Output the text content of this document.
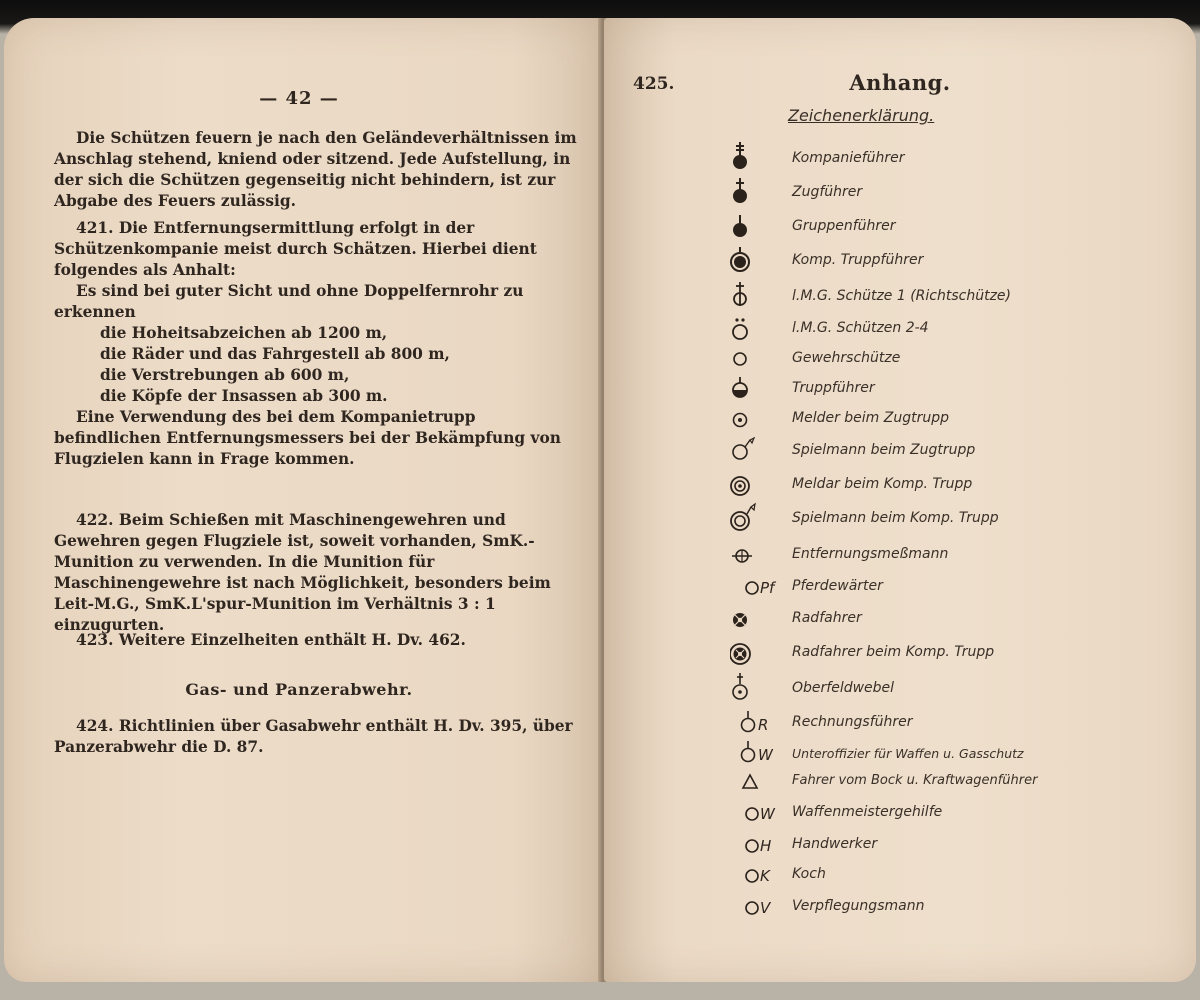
— 42 —

Die Schützen feuern je nach den Geländeverhältnissen im Anschlag stehend, kniend oder sitzend. Jede Aufstellung, in der sich die Schützen gegenseitig nicht behindern, ist zur Abgabe des Feuers zulässig.

421. Die Entfernungsermittlung erfolgt in der Schützenkompanie meist durch Schätzen. Hierbei dient folgendes als Anhalt:

Es sind bei guter Sicht und ohne Doppelfernrohr zu erkennen

die Hoheitsabzeichen ab 1200 m,

die Räder und das Fahrgestell ab 800 m,

die Verstrebungen ab 600 m,

die Köpfe der Insassen ab 300 m.

Eine Verwendung des bei dem Kompanietrupp befindlichen Entfernungsmessers bei der Bekämpfung von Flugzielen kann in Frage kommen.

422. Beim Schießen mit Maschinengewehren und Gewehren gegen Flugziele ist, soweit vorhanden, SmK.-Munition zu verwenden. In die Munition für Maschinengewehre ist nach Möglichkeit, besonders beim Leit-M.G., SmK.L'spur-Munition im Verhältnis 3 : 1 einzugurten.

423. Weitere Einzelheiten enthält H. Dv. 462.

Gas- und Panzerabwehr.

424. Richtlinien über Gasabwehr enthält H. Dv. 395, über Panzerabwehr die D. 87.

425.	Anhang.
Zeichenerklärung.
Kompanieführer
Zugführer
Gruppenführer
Komp. Truppführer
l.M.G. Schütze 1 (Richtschütze)
l.M.G. Schützen 2-4
Gewehrschütze
Truppführer
Melder beim Zugtrupp
Spielmann beim Zugtrupp
Meldar beim Komp. Trupp
Spielmann beim Komp. Trupp
Entfernungsmeßmann
Pf Pferdewärter
Radfahrer
Radfahrer beim Komp. Trupp
Oberfeldwebel
R Rechnungsführer
W Unteroffizier für Waffen u. Gasschutz
Fahrer vom Bock u. Kraftwagenführer
W Waffenmeistergehilfe
H Handwerker
K Koch
V Verpflegungsmann
